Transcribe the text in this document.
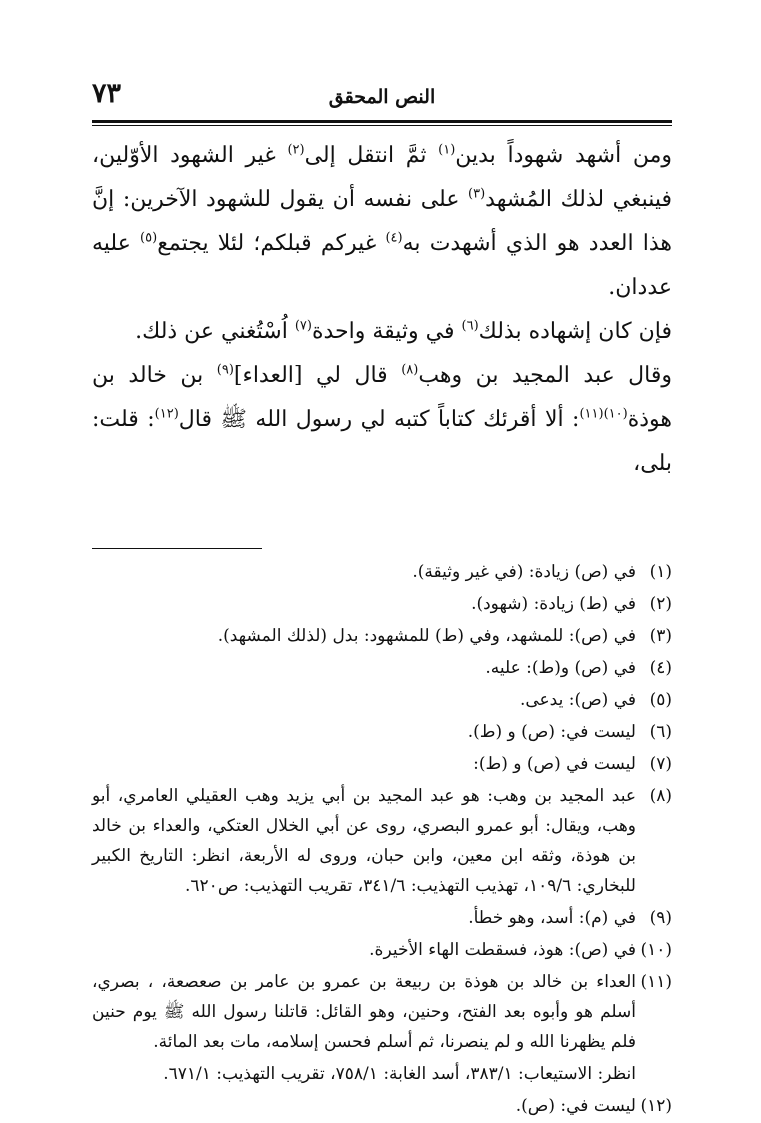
النص المحقق
٧٣

ومن أشهد شهوداً بدين$^{(١)}$ ثمَّ انتقل إلى$^{(٢)}$ غير الشهود الأوّلين، فينبغي لذلك المُشهد$^{(٣)}$ على نفسه أن يقول للشهود الآخرين: إنَّ هذا العدد هو الذي أشهدت به$^{(٤)}$ غيركم قبلكم؛ لئلا يجتمع$^{(٥)}$ عليه عددان.

فإن كان إشهاده بذلك$^{(٦)}$ في وثيقة واحدة$^{(٧)}$ اُسْتُغني عن ذلك.

وقال عبد المجيد بن وهب$^{(٨)}$ قال لي [العداء]$^{(٩)}$ بن خالد بن هوذة$^{(١٠)(١١)}$: ألا أقرئك كتاباً كتبه لي رسول الله ﷺ قال$^{(١٢)}$: قلت: بلى،

(١)
في (ص) زيادة: (في غير وثيقة).
(٢)
في (ط) زيادة: (شهود).
(٣)
في (ص): للمشهد، وفي (ط) للمشهود: بدل (لذلك المشهد).
(٤)
في (ص) و(ط): عليه.
(٥)
في (ص): يدعى.
(٦)
ليست في: (ص) و (ط).
(٧)
ليست في (ص) و (ط):
(٨)
عبد المجيد بن وهب: هو عبد المجيد بن أبي يزيد وهب العقيلي العامري، أبو وهب، ويقال: أبو عمرو البصري، روى عن أبي الخلال العتكي، والعداء بن خالد بن هوذة، وثقه ابن معين، وابن حبان، وروى له الأربعة، انظر: التاريخ الكبير للبخاري: ١٠٩/٦، تهذيب التهذيب: ٣٤١/٦، تقريب التهذيب: ص٦٢٠.
(٩)
في (م): أسد، وهو خطأ.
(١٠)
في (ص): هوذ، فسقطت الهاء الأخيرة.
(١١)
العداء بن خالد بن هوذة بن ربيعة بن عمرو بن عامر بن صعصعة، ، بصري، أسلم هو وأبوه بعد الفتح، وحنين، وهو القائل: قاتلنا رسول الله ﷺ يوم حنين فلم يظهرنا الله و لم ينصرنا، ثم أسلم فحسن إسلامه، مات بعد المائة.
انظر: الاستيعاب: ٣٨٣/١، أسد الغابة: ٧٥٨/١، تقريب التهذيب: ٦٧١/١.
(١٢)
ليست في: (ص).
